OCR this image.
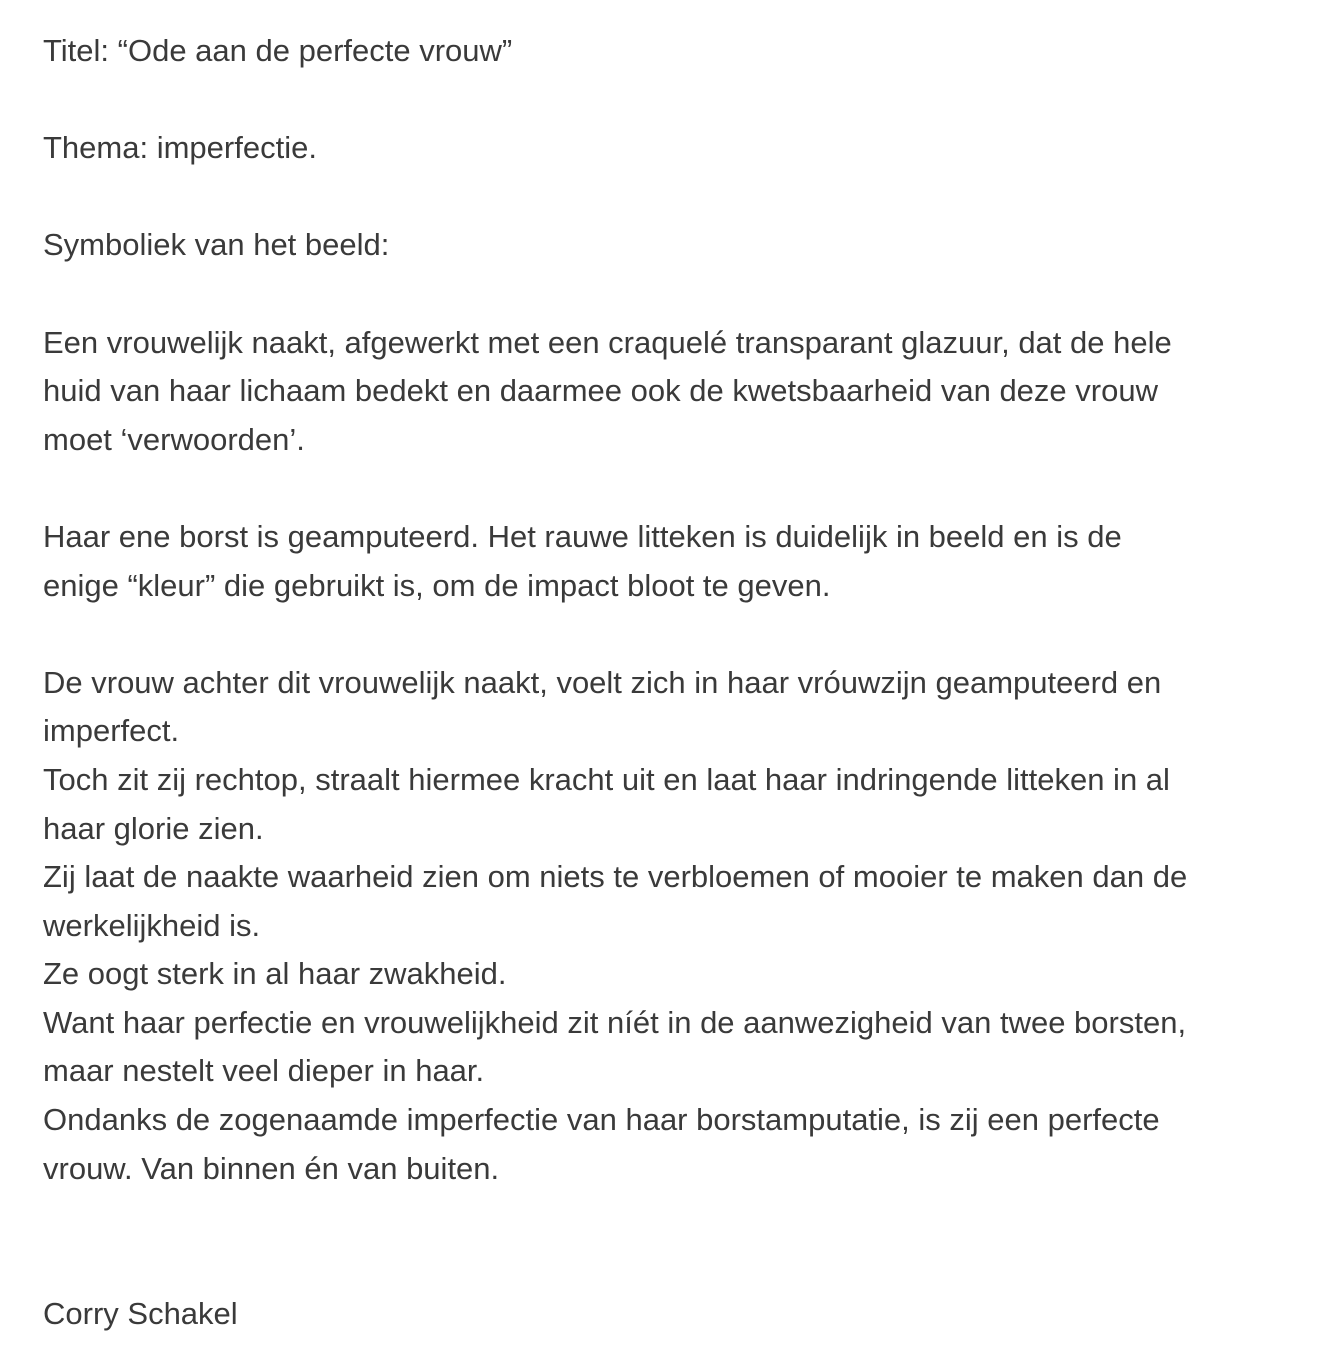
Titel: “Ode aan de perfecte vrouw”
Thema: imperfectie.
Symboliek van het beeld:
Een vrouwelijk naakt, afgewerkt met een craquelé transparant glazuur, dat de hele
huid van haar lichaam bedekt en daarmee ook de kwetsbaarheid van deze vrouw
moet ‘verwoorden’.
Haar ene borst is geamputeerd. Het rauwe litteken is duidelijk in beeld en is de
enige “kleur” die gebruikt is, om de impact bloot te geven.
De vrouw achter dit vrouwelijk naakt, voelt zich in haar vróuwzijn geamputeerd en
imperfect.
Toch zit zij rechtop, straalt hiermee kracht uit en laat haar indringende litteken in al
haar glorie zien.
Zij laat de naakte waarheid zien om niets te verbloemen of mooier te maken dan de
werkelijkheid is.
Ze oogt sterk in al haar zwakheid.
Want haar perfectie en vrouwelijkheid zit níét in de aanwezigheid van twee borsten,
maar nestelt veel dieper in haar.
Ondanks de zogenaamde imperfectie van haar borstamputatie, is zij een perfecte
vrouw. Van binnen én van buiten.
Corry Schakel
